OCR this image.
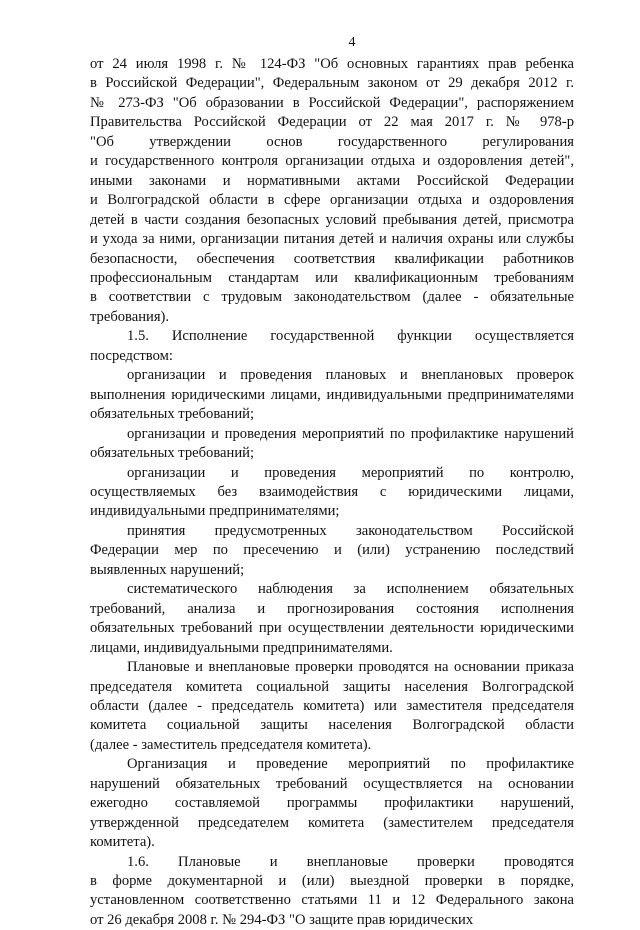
4

от 24 июля 1998 г. № 124-ФЗ "Об основных гарантиях прав ребенка

в Российской Федерации", Федеральным законом от 29 декабря 2012 г.

№ 273-ФЗ "Об образовании в Российской Федерации", распоряжением

Правительства Российской Федерации от 22 мая 2017 г. № 978-р

"Об утверждении основ государственного регулирования

и государственного контроля организации отдыха и оздоровления детей",

иными законами и нормативными актами Российской Федерации

и Волгоградской области в сфере организации отдыха и оздоровления

детей в части создания безопасных условий пребывания детей, присмотра

и ухода за ними, организации питания детей и наличия охраны или службы

безопасности, обеспечения соответствия квалификации работников

профессиональным стандартам или квалификационным требованиям

в соответствии с трудовым законодательством (далее - обязательные

требования).

1.5. Исполнение государственной функции осуществляется

посредством:

организации и проведения плановых и внеплановых проверок

выполнения юридическими лицами, индивидуальными предпринимателями

обязательных требований;

организации и проведения мероприятий по профилактике нарушений

обязательных требований;

организации и проведения мероприятий по контролю,

осуществляемых без взаимодействия с юридическими лицами,

индивидуальными предпринимателями;

принятия предусмотренных законодательством Российской

Федерации мер по пресечению и (или) устранению последствий

выявленных нарушений;

систематического наблюдения за исполнением обязательных

требований, анализа и прогнозирования состояния исполнения

обязательных требований при осуществлении деятельности юридическими

лицами, индивидуальными предпринимателями.

Плановые и внеплановые проверки проводятся на основании приказа

председателя комитета социальной защиты населения Волгоградской

области (далее - председатель комитета) или заместителя председателя

комитета социальной защиты населения Волгоградской области

(далее - заместитель председателя комитета).

Организация и проведение мероприятий по профилактике

нарушений обязательных требований осуществляется на основании

ежегодно составляемой программы профилактики нарушений,

утвержденной председателем комитета (заместителем председателя

комитета).

1.6. Плановые и внеплановые проверки проводятся

в форме документарной и (или) выездной проверки в порядке,

установленном соответственно статьями 11 и 12 Федерального закона

от 26 декабря 2008 г. № 294-ФЗ "О защите прав юридических
